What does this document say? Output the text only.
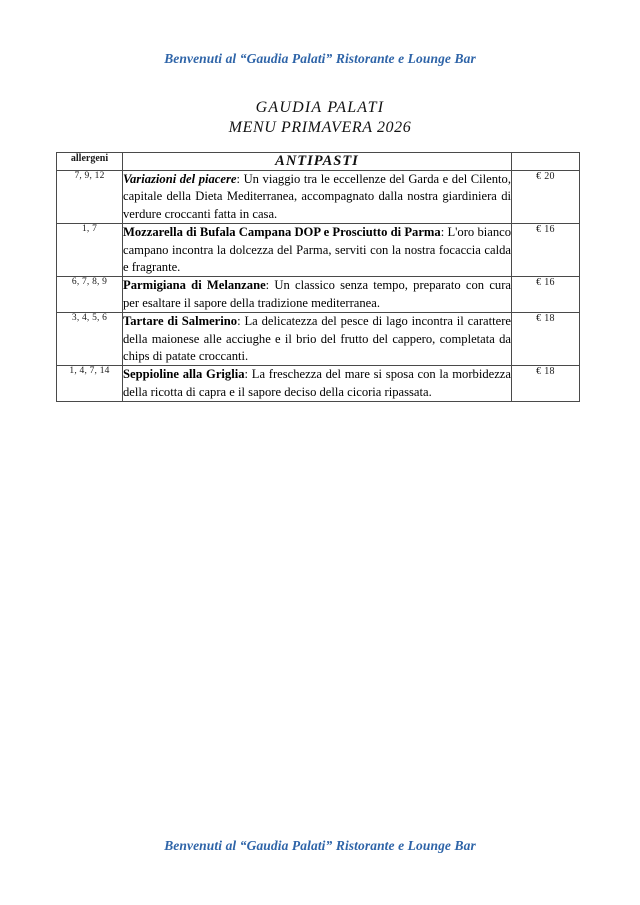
Benvenuti al “Gaudia Palati” Ristorante e Lounge Bar
GAUDIA PALATI
MENU PRIMAVERA 2026
allergeni	ANTIPASTI	
7, 9, 12	Variazioni del piacere: Un viaggio tra le eccellenze del Garda e del Cilento, capitale della Dieta Mediterranea, accompagnato dalla nostra giardiniera di verdure croccanti fatta in casa.	€ 20
1, 7	Mozzarella di Bufala Campana DOP e Prosciutto di Parma: L'oro bianco campano incontra la dolcezza del Parma, serviti con la nostra focaccia calda e fragrante.	€ 16
6, 7, 8, 9	Parmigiana di Melanzane: Un classico senza tempo, preparato con cura per esaltare il sapore della tradizione mediterranea.	€ 16
3, 4, 5, 6	Tartare di Salmerino: La delicatezza del pesce di lago incontra il carattere della maionese alle acciughe e il brio del frutto del cappero, completata da chips di patate croccanti.	€ 18
1, 4, 7, 14	Seppioline alla Griglia: La freschezza del mare si sposa con la morbidezza della ricotta di capra e il sapore deciso della cicoria ripassata.	€ 18
Benvenuti al “Gaudia Palati” Ristorante e Lounge Bar
